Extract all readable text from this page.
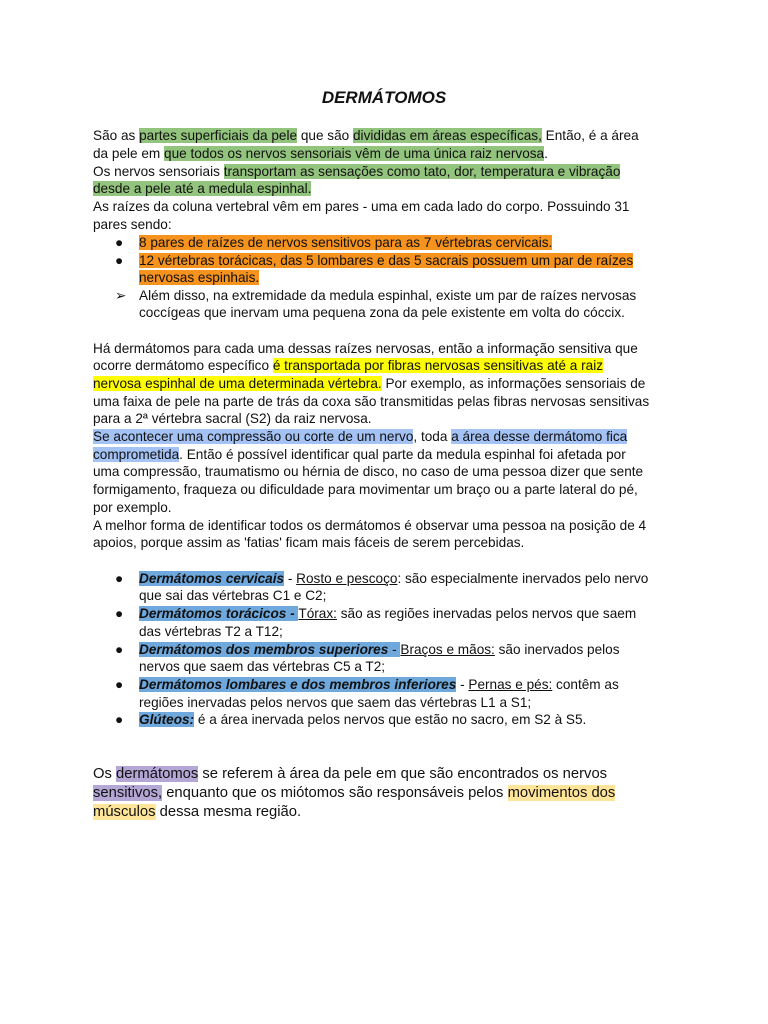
DERMÁTOMOS
São as partes superficiais da pele que são divididas em áreas específicas, Então, é a área
da pele em que todos os nervos sensoriais vêm de uma única raiz nervosa.
Os nervos sensoriais transportam as sensações como tato, dor, temperatura e vibração
desde a pele até a medula espinhal.
As raízes da coluna vertebral vêm em pares - uma em cada lado do corpo. Possuindo 31
pares sendo:
● 8 pares de raízes de nervos sensitivos para as 7 vértebras cervicais.
● 12 vértebras torácicas, das 5 lombares e das 5 sacrais possuem um par de raízes
nervosas espinhais.
➢ Além disso, na extremidade da medula espinhal, existe um par de raízes nervosas
coccígeas que inervam uma pequena zona da pele existente em volta do cóccix.
Há dermátomos para cada uma dessas raízes nervosas, então a informação sensitiva que
ocorre dermátomo específico é transportada por fibras nervosas sensitivas até a raiz
nervosa espinhal de uma determinada vértebra. Por exemplo, as informações sensoriais de
uma faixa de pele na parte de trás da coxa são transmitidas pelas fibras nervosas sensitivas
para a 2ª vértebra sacral (S2) da raiz nervosa.
Se acontecer uma compressão ou corte de um nervo, toda a área desse dermátomo fica
comprometida. Então é possível identificar qual parte da medula espinhal foi afetada por
uma compressão, traumatismo ou hérnia de disco, no caso de uma pessoa dizer que sente
formigamento, fraqueza ou dificuldade para movimentar um braço ou a parte lateral do pé,
por exemplo.
A melhor forma de identificar todos os dermátomos é observar uma pessoa na posição de 4
apoios, porque assim as 'fatias' ficam mais fáceis de serem percebidas.
● Dermátomos cervicais - Rosto e pescoço: são especialmente inervados pelo nervo
que sai das vértebras C1 e C2;
● Dermátomos torácicos - Tórax: são as regiões inervadas pelos nervos que saem
das vértebras T2 a T12;
● Dermátomos dos membros superiores - Braços e mãos: são inervados pelos
nervos que saem das vértebras C5 a T2;
● Dermátomos lombares e dos membros inferiores - Pernas e pés: contêm as
regiões inervadas pelos nervos que saem das vértebras L1 a S1;
● Glúteos: é a área inervada pelos nervos que estão no sacro, em S2 à S5.
Os dermátomos se referem à área da pele em que são encontrados os nervos
sensitivos, enquanto que os miótomos são responsáveis pelos movimentos dos
músculos dessa mesma região.
